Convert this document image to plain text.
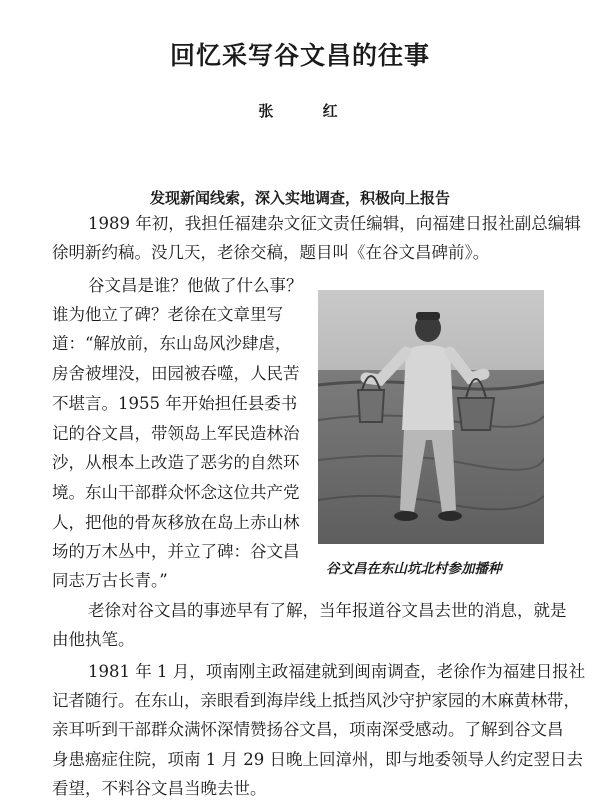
回忆采写谷文昌的往事
张 红
发现新闻线索，深入实地调查，积极向上报告
1989 年初，我担任福建杂文征文责任编辑，向福建日报社副总编辑
徐明新约稿。没几天，老徐交稿，题目叫《在谷文昌碑前》。
谷文昌是谁？他做了什么事？
谁为他立了碑？老徐在文章里写
道：“解放前，东山岛风沙肆虐，
房舍被埋没，田园被吞噬，人民苦
不堪言。1955 年开始担任县委书
记的谷文昌，带领岛上军民造林治
沙，从根本上改造了恶劣的自然环
境。东山干部群众怀念这位共产党
人，把他的骨灰移放在岛上赤山林
场的万木丛中，并立了碑：谷文昌
同志万古长青。”
老徐对谷文昌的事迹早有了解，当年报道谷文昌去世的消息，就是
由他执笔。
1981 年 1 月，项南刚主政福建就到闽南调查，老徐作为福建日报社
记者随行。在东山，亲眼看到海岸线上抵挡风沙守护家园的木麻黄林带，
亲耳听到干部群众满怀深情赞扬谷文昌，项南深受感动。了解到谷文昌
身患癌症住院，项南 1 月 29 日晚上回漳州，即与地委领导人约定翌日去
看望，不料谷文昌当晚去世。
谷文昌在东山坑北村参加播种
